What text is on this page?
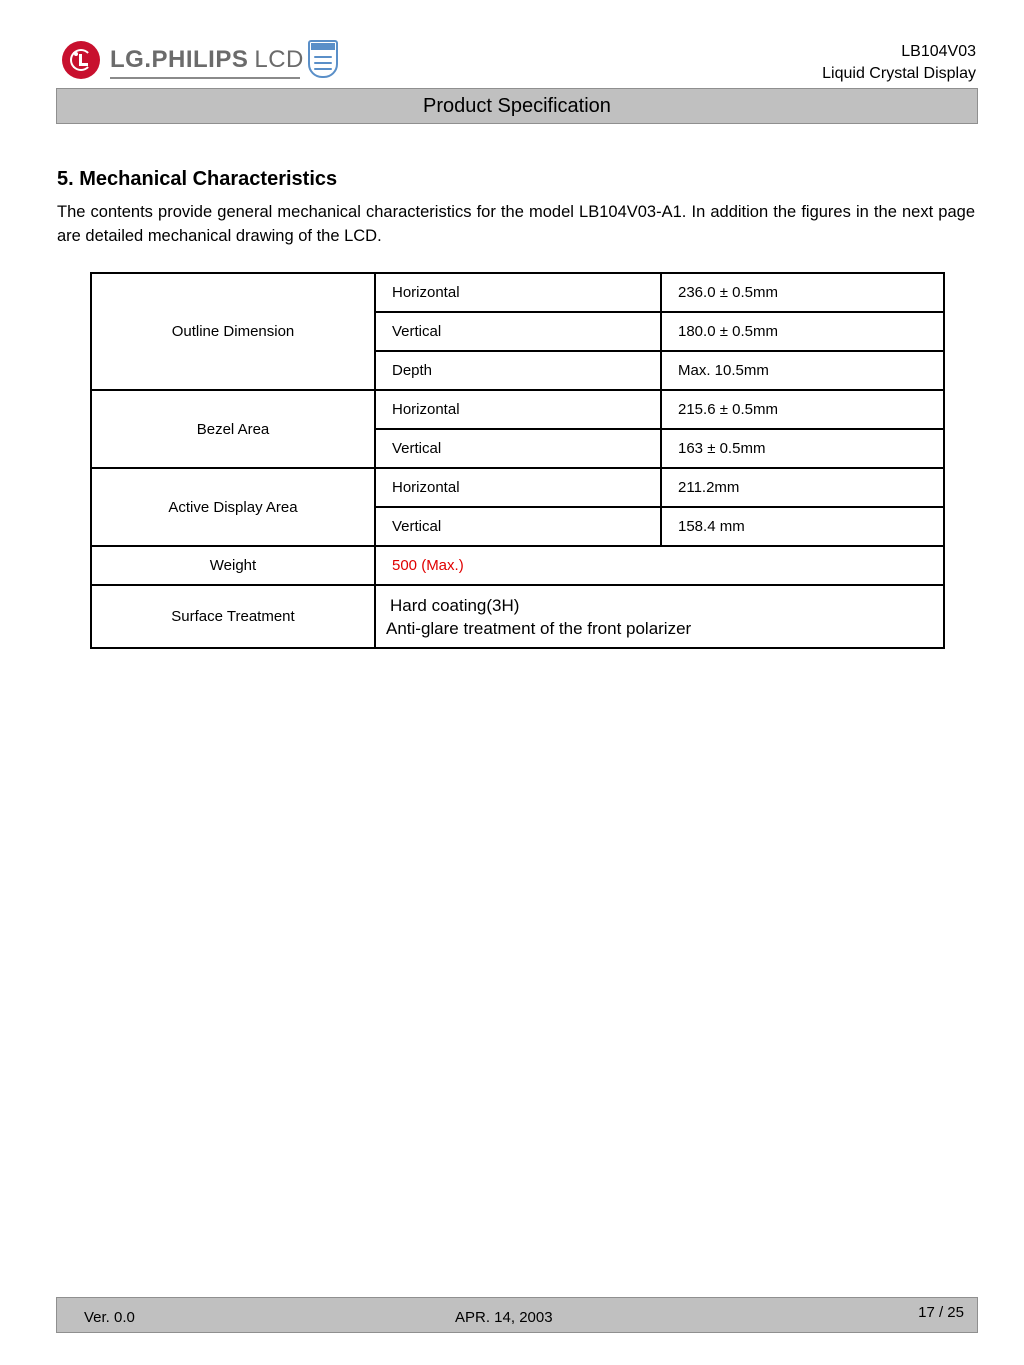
LG.PHILIPS LCD	LB104V03
Liquid Crystal Display
Product Specification
5. Mechanical Characteristics
The contents provide general mechanical characteristics for the model LB104V03-A1. In addition the figures in the next page are detailed mechanical drawing of the LCD.
Outline Dimension	Horizontal	236.0 ± 0.5mm
	Vertical	180.0 ± 0.5mm
	Depth	Max. 10.5mm
Bezel Area	Horizontal	215.6 ± 0.5mm
	Vertical	163 ± 0.5mm
Active Display Area	Horizontal	211.2mm
	Vertical	158.4 mm
Weight	500 (Max.)	
Surface Treatment	Hard coating(3H)
Anti-glare treatment of the front polarizer	
Ver. 0.0	APR. 14, 2003	17 / 25
